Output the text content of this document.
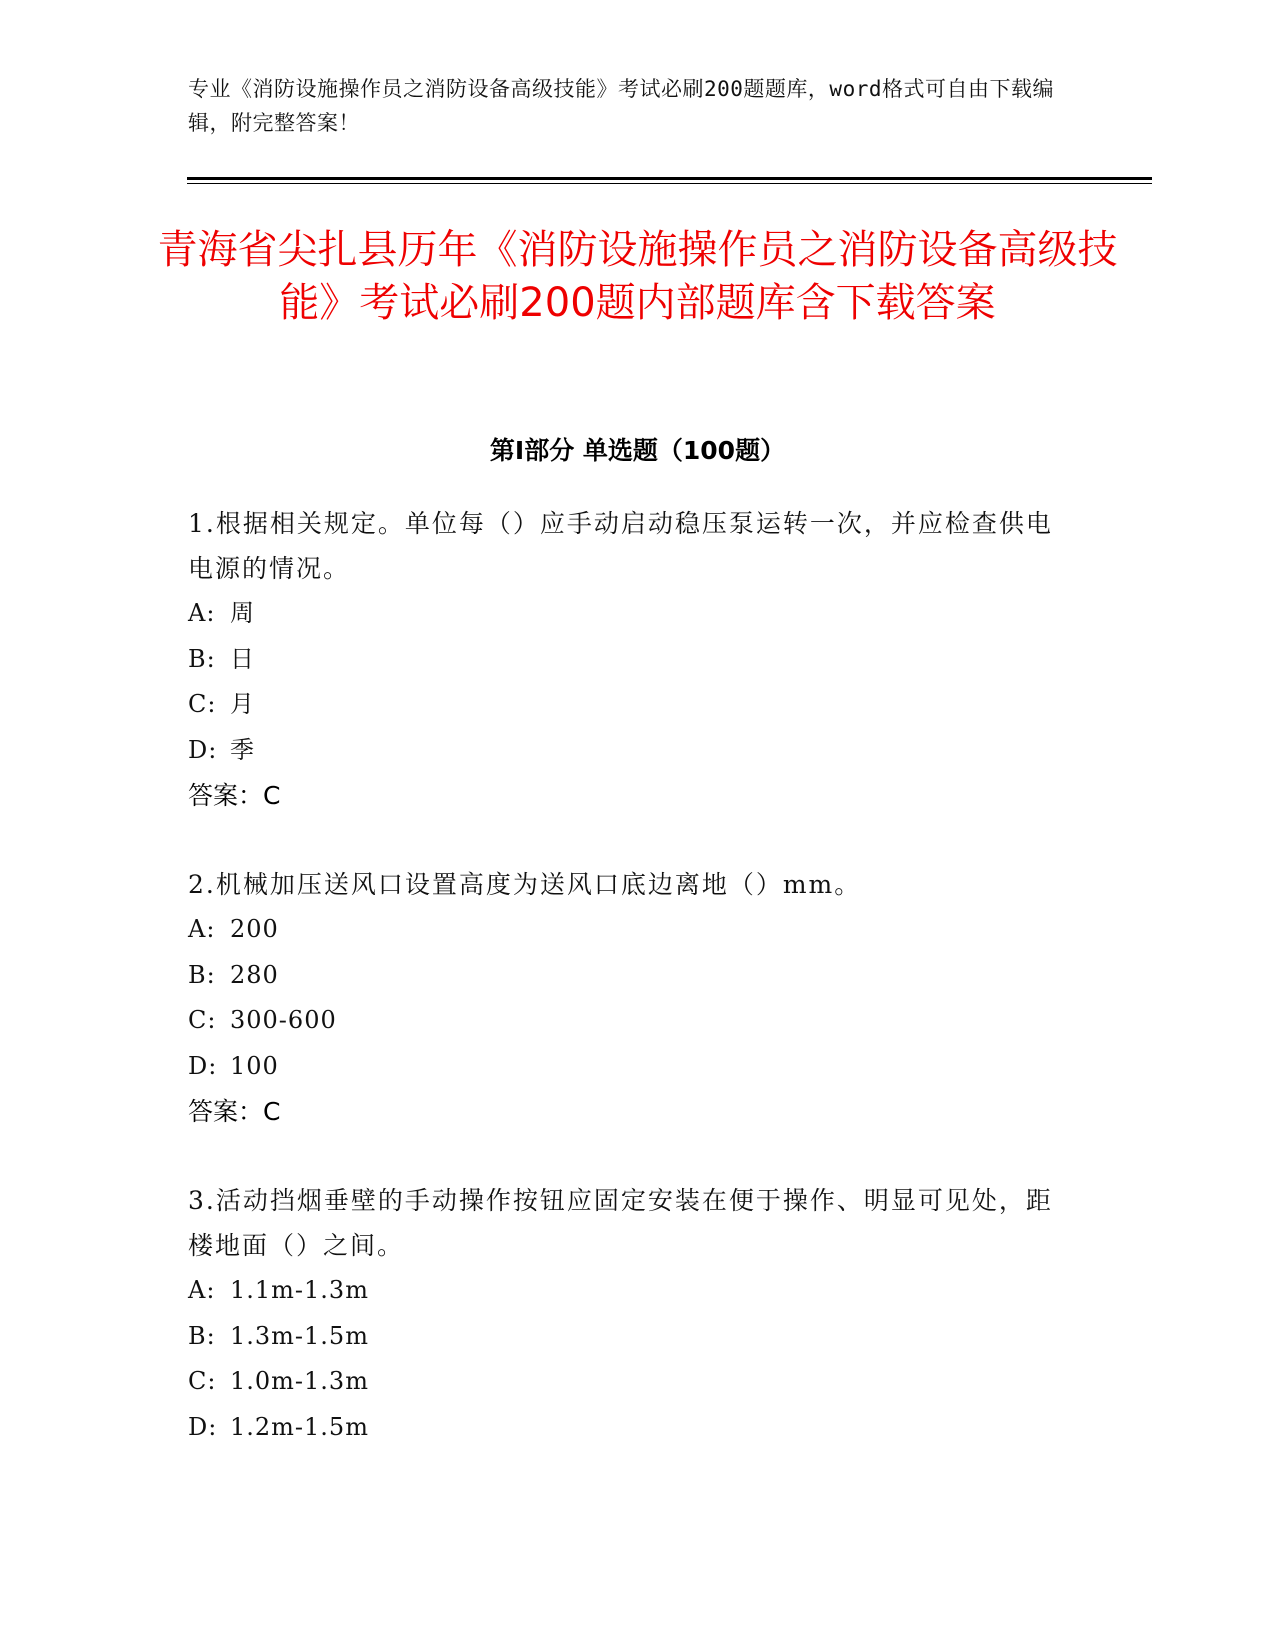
专业《消防设施操作员之消防设备高级技能》考试必刷200题题库，word格式可自由下载编辑，附完整答案！
青海省尖扎县历年《消防设施操作员之消防设备高级技能》考试必刷200题内部题库含下载答案
第Ⅰ部分 单选题（100题）
1.根据相关规定。单位每（）应手动启动稳压泵运转一次，并应检查供电电源的情况。
A: 周
B: 日
C: 月
D: 季
答案：C
2.机械加压送风口设置高度为送风口底边离地（）mm。
A: 200
B: 280
C: 300-600
D: 100
答案：C
3.活动挡烟垂壁的手动操作按钮应固定安装在便于操作、明显可见处，距楼地面（）之间。
A: 1.1m-1.3m
B: 1.3m-1.5m
C: 1.0m-1.3m
D: 1.2m-1.5m
